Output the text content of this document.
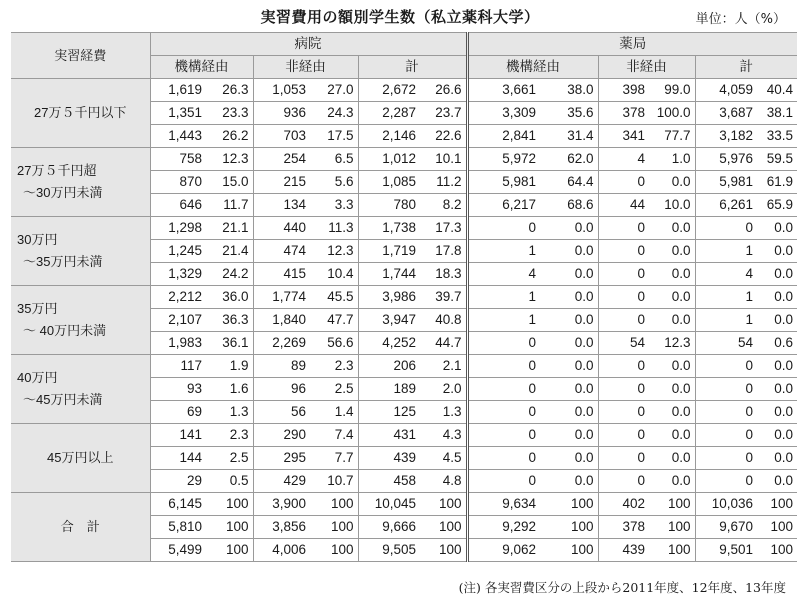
実習費用の額別学生数（私立薬科大学）	単位：人（%）
実習経費	病院						薬局					
	機構経由		非経由		計		機構経由		非経由		計	

27万５千円以下	1,619	26.3	1,053	27.0	2,672	26.6	3,661	38.0	398	99.0	4,059	40.4
	1,351	23.3	936	24.3	2,287	23.7	3,309	35.6	378	100.0	3,687	38.1
	1,443	26.2	703	17.5	2,146	22.6	2,841	31.4	341	77.7	3,182	33.5

27万５千円超
〜30万円未満	758	12.3	254	6.5	1,012	10.1	5,972	62.0	4	1.0	5,976	59.5
	870	15.0	215	5.6	1,085	11.2	5,981	64.4	0	0.0	5,981	61.9
	646	11.7	134	3.3	780	8.2	6,217	68.6	44	10.0	6,261	65.9

30万円
〜35万円未満	1,298	21.1	440	11.3	1,738	17.3	0	0.0	0	0.0	0	0.0
	1,245	21.4	474	12.3	1,719	17.8	1	0.0	0	0.0	1	0.0
	1,329	24.2	415	10.4	1,744	18.3	4	0.0	0	0.0	4	0.0

35万円
〜 40万円未満	2,212	36.0	1,774	45.5	3,986	39.7	1	0.0	0	0.0	1	0.0
	2,107	36.3	1,840	47.7	3,947	40.8	1	0.0	0	0.0	1	0.0
	1,983	36.1	2,269	56.6	4,252	44.7	0	0.0	54	12.3	54	0.6

40万円
〜45万円未満	117	1.9	89	2.3	206	2.1	0	0.0	0	0.0	0	0.0
	93	1.6	96	2.5	189	2.0	0	0.0	0	0.0	0	0.0
	69	1.3	56	1.4	125	1.3	0	0.0	0	0.0	0	0.0

45万円以上	141	2.3	290	7.4	431	4.3	0	0.0	0	0.0	0	0.0
	144	2.5	295	7.7	439	4.5	0	0.0	0	0.0	0	0.0
	29	0.5	429	10.7	458	4.8	0	0.0	0	0.0	0	0.0

合　計	6,145	100	3,900	100	10,045	100	9,634	100	402	100	10,036	100
	5,810	100	3,856	100	9,666	100	9,292	100	378	100	9,670	100
	5,499	100	4,006	100	9,505	100	9,062	100	439	100	9,501	100
(注) 各実習費区分の上段から2011年度、12年度、13年度
